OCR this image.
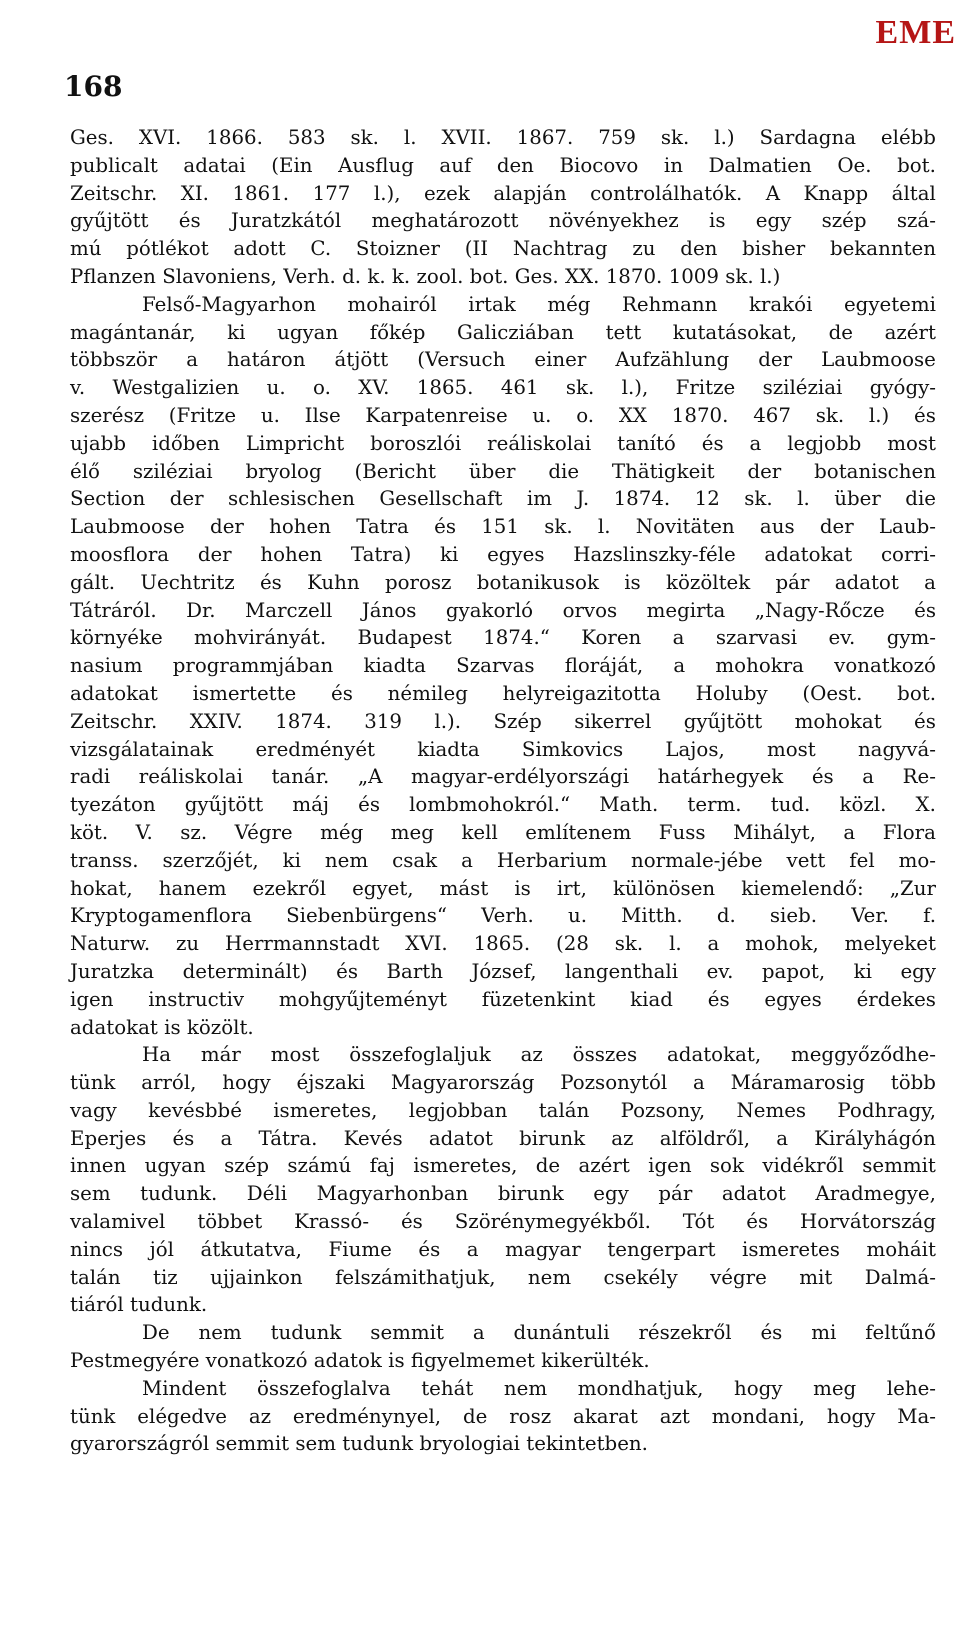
EME
168
Ges. XVI. 1866. 583 sk. l. XVII. 1867. 759 sk. l.) Sardagna elébb
publicalt adatai (Ein Ausflug auf den Biocovo in Dalmatien Oe. bot.
Zeitschr. XI. 1861. 177 l.), ezek alapján controlálhatók. A Knapp által
gyűjtött és Juratzkától meghatározott növényekhez is egy szép szá-
mú pótlékot adott C. Stoizner (II Nachtrag zu den bisher bekannten
Pflanzen Slavoniens, Verh. d. k. k. zool. bot. Ges. XX. 1870. 1009 sk. l.)
Felső-Magyarhon mohairól irtak még Rehmann krakói egyetemi
magántanár, ki ugyan főkép Galicziában tett kutatásokat, de azért
többször a határon átjött (Versuch einer Aufzählung der Laubmoose
v. Westgalizien u. o. XV. 1865. 461 sk. l.), Fritze sziléziai gyógy-
szerész (Fritze u. Ilse Karpatenreise u. o. XX 1870. 467 sk. l.) és
ujabb időben Limpricht boroszlói reáliskolai tanító és a legjobb most
élő sziléziai bryolog (Bericht über die Thätigkeit der botanischen
Section der schlesischen Gesellschaft im J. 1874. 12 sk. l. über die
Laubmoose der hohen Tatra és 151 sk. l. Novitäten aus der Laub-
moosflora der hohen Tatra) ki egyes Hazslinszky-féle adatokat corri-
gált. Uechtritz és Kuhn porosz botanikusok is közöltek pár adatot a
Tátráról. Dr. Marczell János gyakorló orvos megirta „Nagy-Rőcze és
környéke mohvirányát. Budapest 1874.“ Koren a szarvasi ev. gym-
nasium programmjában kiadta Szarvas floráját, a mohokra vonatkozó
adatokat ismertette és némileg helyreigazitotta Holuby (Oest. bot.
Zeitschr. XXIV. 1874. 319 l.). Szép sikerrel gyűjtött mohokat és
vizsgálatainak eredményét kiadta Simkovics Lajos, most nagyvá-
radi reáliskolai tanár. „A magyar-erdélyországi határhegyek és a Re-
tyezáton gyűjtött máj és lombmohokról.“ Math. term. tud. közl. X.
köt. V. sz. Végre még meg kell említenem Fuss Mihályt, a Flora
transs. szerzőjét, ki nem csak a Herbarium normale-jébe vett fel mo-
hokat, hanem ezekről egyet, mást is irt, különösen kiemelendő: „Zur
Kryptogamenflora Siebenbürgens“ Verh. u. Mitth. d. sieb. Ver. f.
Naturw. zu Herrmannstadt XVI. 1865. (28 sk. l. a mohok, melyeket
Juratzka determinált) és Barth József, langenthali ev. papot, ki egy
igen instructiv mohgyűjteményt füzetenkint kiad és egyes érdekes
adatokat is közölt.
Ha már most összefoglaljuk az összes adatokat, meggyőződhe-
tünk arról, hogy éjszaki Magyarország Pozsonytól a Máramarosig több
vagy kevésbbé ismeretes, legjobban talán Pozsony, Nemes Podhragy,
Eperjes és a Tátra. Kevés adatot birunk az alföldről, a Királyhágón
innen ugyan szép számú faj ismeretes, de azért igen sok vidékről semmit
sem tudunk. Déli Magyarhonban birunk egy pár adatot Aradmegye,
valamivel többet Krassó- és Szörénymegyékből. Tót és Horvátország
nincs jól átkutatva, Fiume és a magyar tengerpart ismeretes moháit
talán tiz ujjainkon felszámithatjuk, nem csekély végre mit Dalmá-
tiáról tudunk.
De nem tudunk semmit a dunántuli részekről és mi feltűnő
Pestmegyére vonatkozó adatok is figyelmemet kikerülték.
Mindent összefoglalva tehát nem mondhatjuk, hogy meg lehe-
tünk elégedve az eredménynyel, de rosz akarat azt mondani, hogy Ma-
gyarországról semmit sem tudunk bryologiai tekintetben.
